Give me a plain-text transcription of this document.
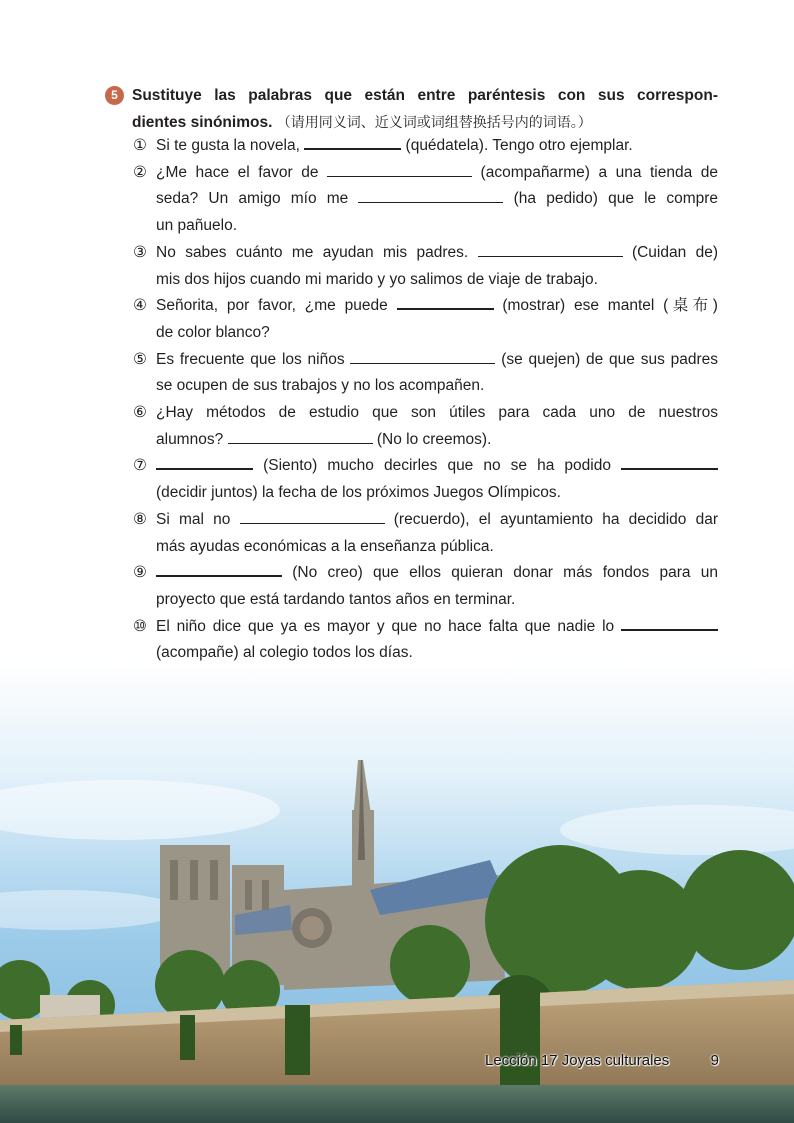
5 Sustituye las palabras que están entre paréntesis con sus correspon-
dientes sinónimos. （请用同义词、近义词或词组替换括号内的词语。）
① Si te gusta la novela,	(quédatela). Tengo otro ejemplar.
② ¿Me hace el favor de	(acompañarme) a una tienda de
seda? Un amigo mío me	(ha pedido) que le compre
un pañuelo.
③ No sabes cuánto me ayudan mis padres.	(Cuidan de)
mis dos hijos cuando mi marido y yo salimos de viaje de trabajo.
④ Señorita, por favor, ¿me puede	(mostrar) ese mantel (桌布)
de color blanco?
⑤ Es frecuente que los niños	(se quejen) de que sus padres
se ocupen de sus trabajos y no los acompañen.
⑥ ¿Hay métodos de estudio que son útiles para cada uno de nuestros
alumnos?	(No lo creemos).
⑦	(Siento) mucho decirles que no se ha podido
(decidir juntos) la fecha de los próximos Juegos Olímpicos.
⑧ Si mal no	(recuerdo), el ayuntamiento ha decidido dar
más ayudas económicas a la enseñanza pública.
⑨	(No creo) que ellos quieran donar más fondos para un
proyecto que está tardando tantos años en terminar.
⑩ El niño dice que ya es mayor y que no hace falta que nadie lo
(acompañe) al colegio todos los días.
Lección 17 Joyas culturales	9
